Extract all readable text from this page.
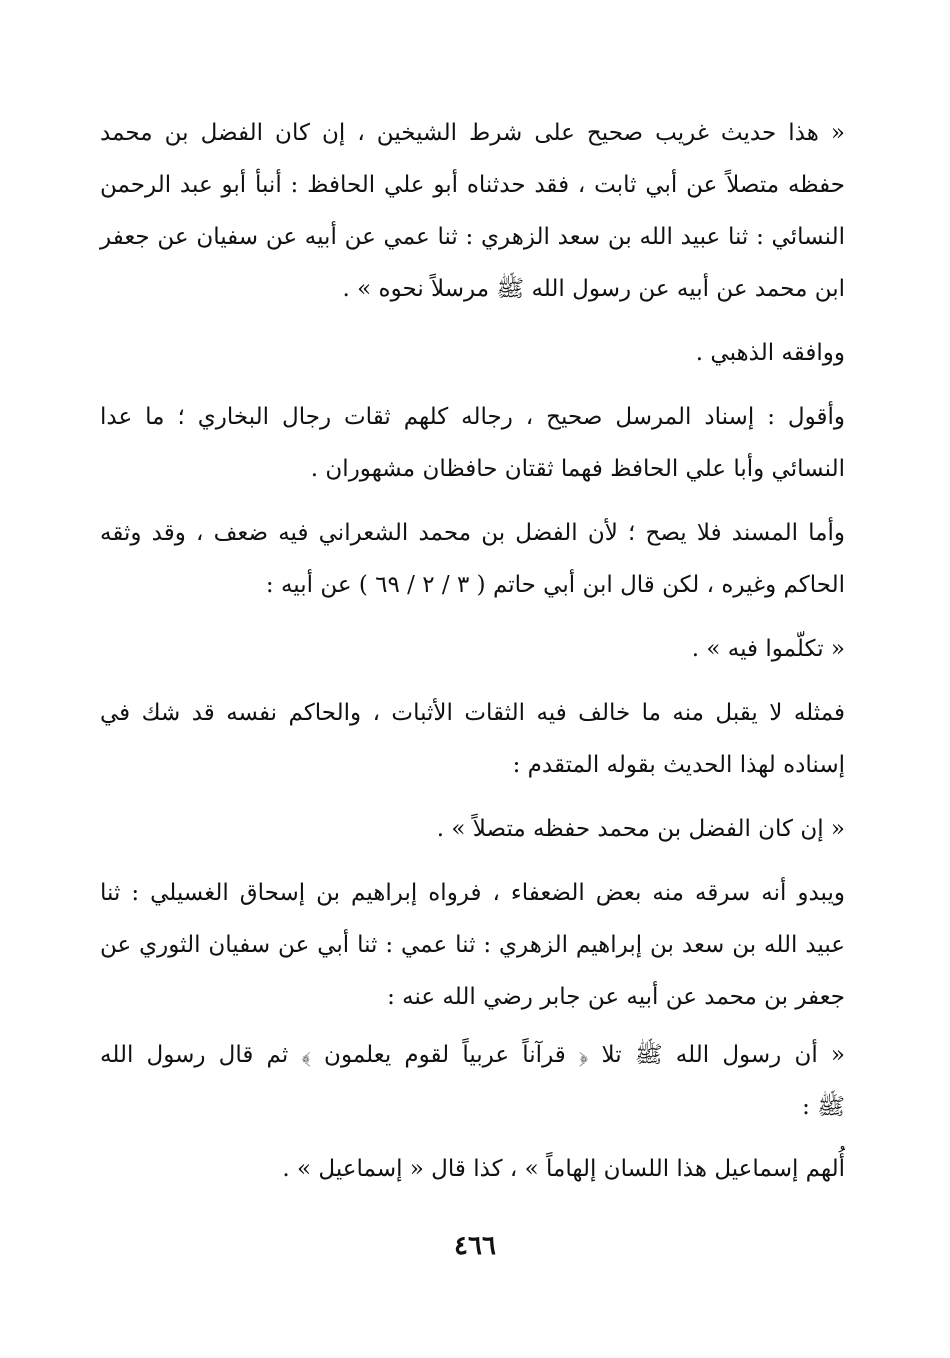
« هذا حديث غريب صحيح على شرط الشيخين ، إن كان الفضل بن محمد
حفظه متصلاً عن أبي ثابت ، فقد حدثناه أبو علي الحافظ : أنبأ أبو عبد الرحمن
النسائي : ثنا عبيد الله بن سعد الزهري : ثنا عمي عن أبيه عن سفيان عن جعفر
ابن محمد عن أبيه عن رسول الله ﷺ مرسلاً نحوه » .
ووافقه الذهبي .
وأقول : إسناد المرسل صحيح ، رجاله كلهم ثقات رجال البخاري ؛ ما عدا
النسائي وأبا علي الحافظ فهما ثقتان حافظان مشهوران .
وأما المسند فلا يصح ؛ لأن الفضل بن محمد الشعراني فيه ضعف ، وقد وثقه
الحاكم وغيره ، لكن قال ابن أبي حاتم ( ٣ / ٢ / ٦٩ ) عن أبيه :
« تكلّموا فيه » .
فمثله لا يقبل منه ما خالف فيه الثقات الأثبات ، والحاكم نفسه قد شك في
إسناده لهذا الحديث بقوله المتقدم :
« إن كان الفضل بن محمد حفظه متصلاً » .
ويبدو أنه سرقه منه بعض الضعفاء ، فرواه إبراهيم بن إسحاق الغسيلي : ثنا
عبيد الله بن سعد بن إبراهيم الزهري : ثنا عمي : ثنا أبي عن سفيان الثوري عن
جعفر بن محمد عن أبيه عن جابر رضي الله عنه :
« أن رسول الله ﷺ تلا ﴿ قرآناً عربياً لقوم يعلمون ﴾ ثم قال رسول الله
ﷺ :
أُلهم إسماعيل هذا اللسان إلهاماً » ، كذا قال « إسماعيل » .
٤٦٦
